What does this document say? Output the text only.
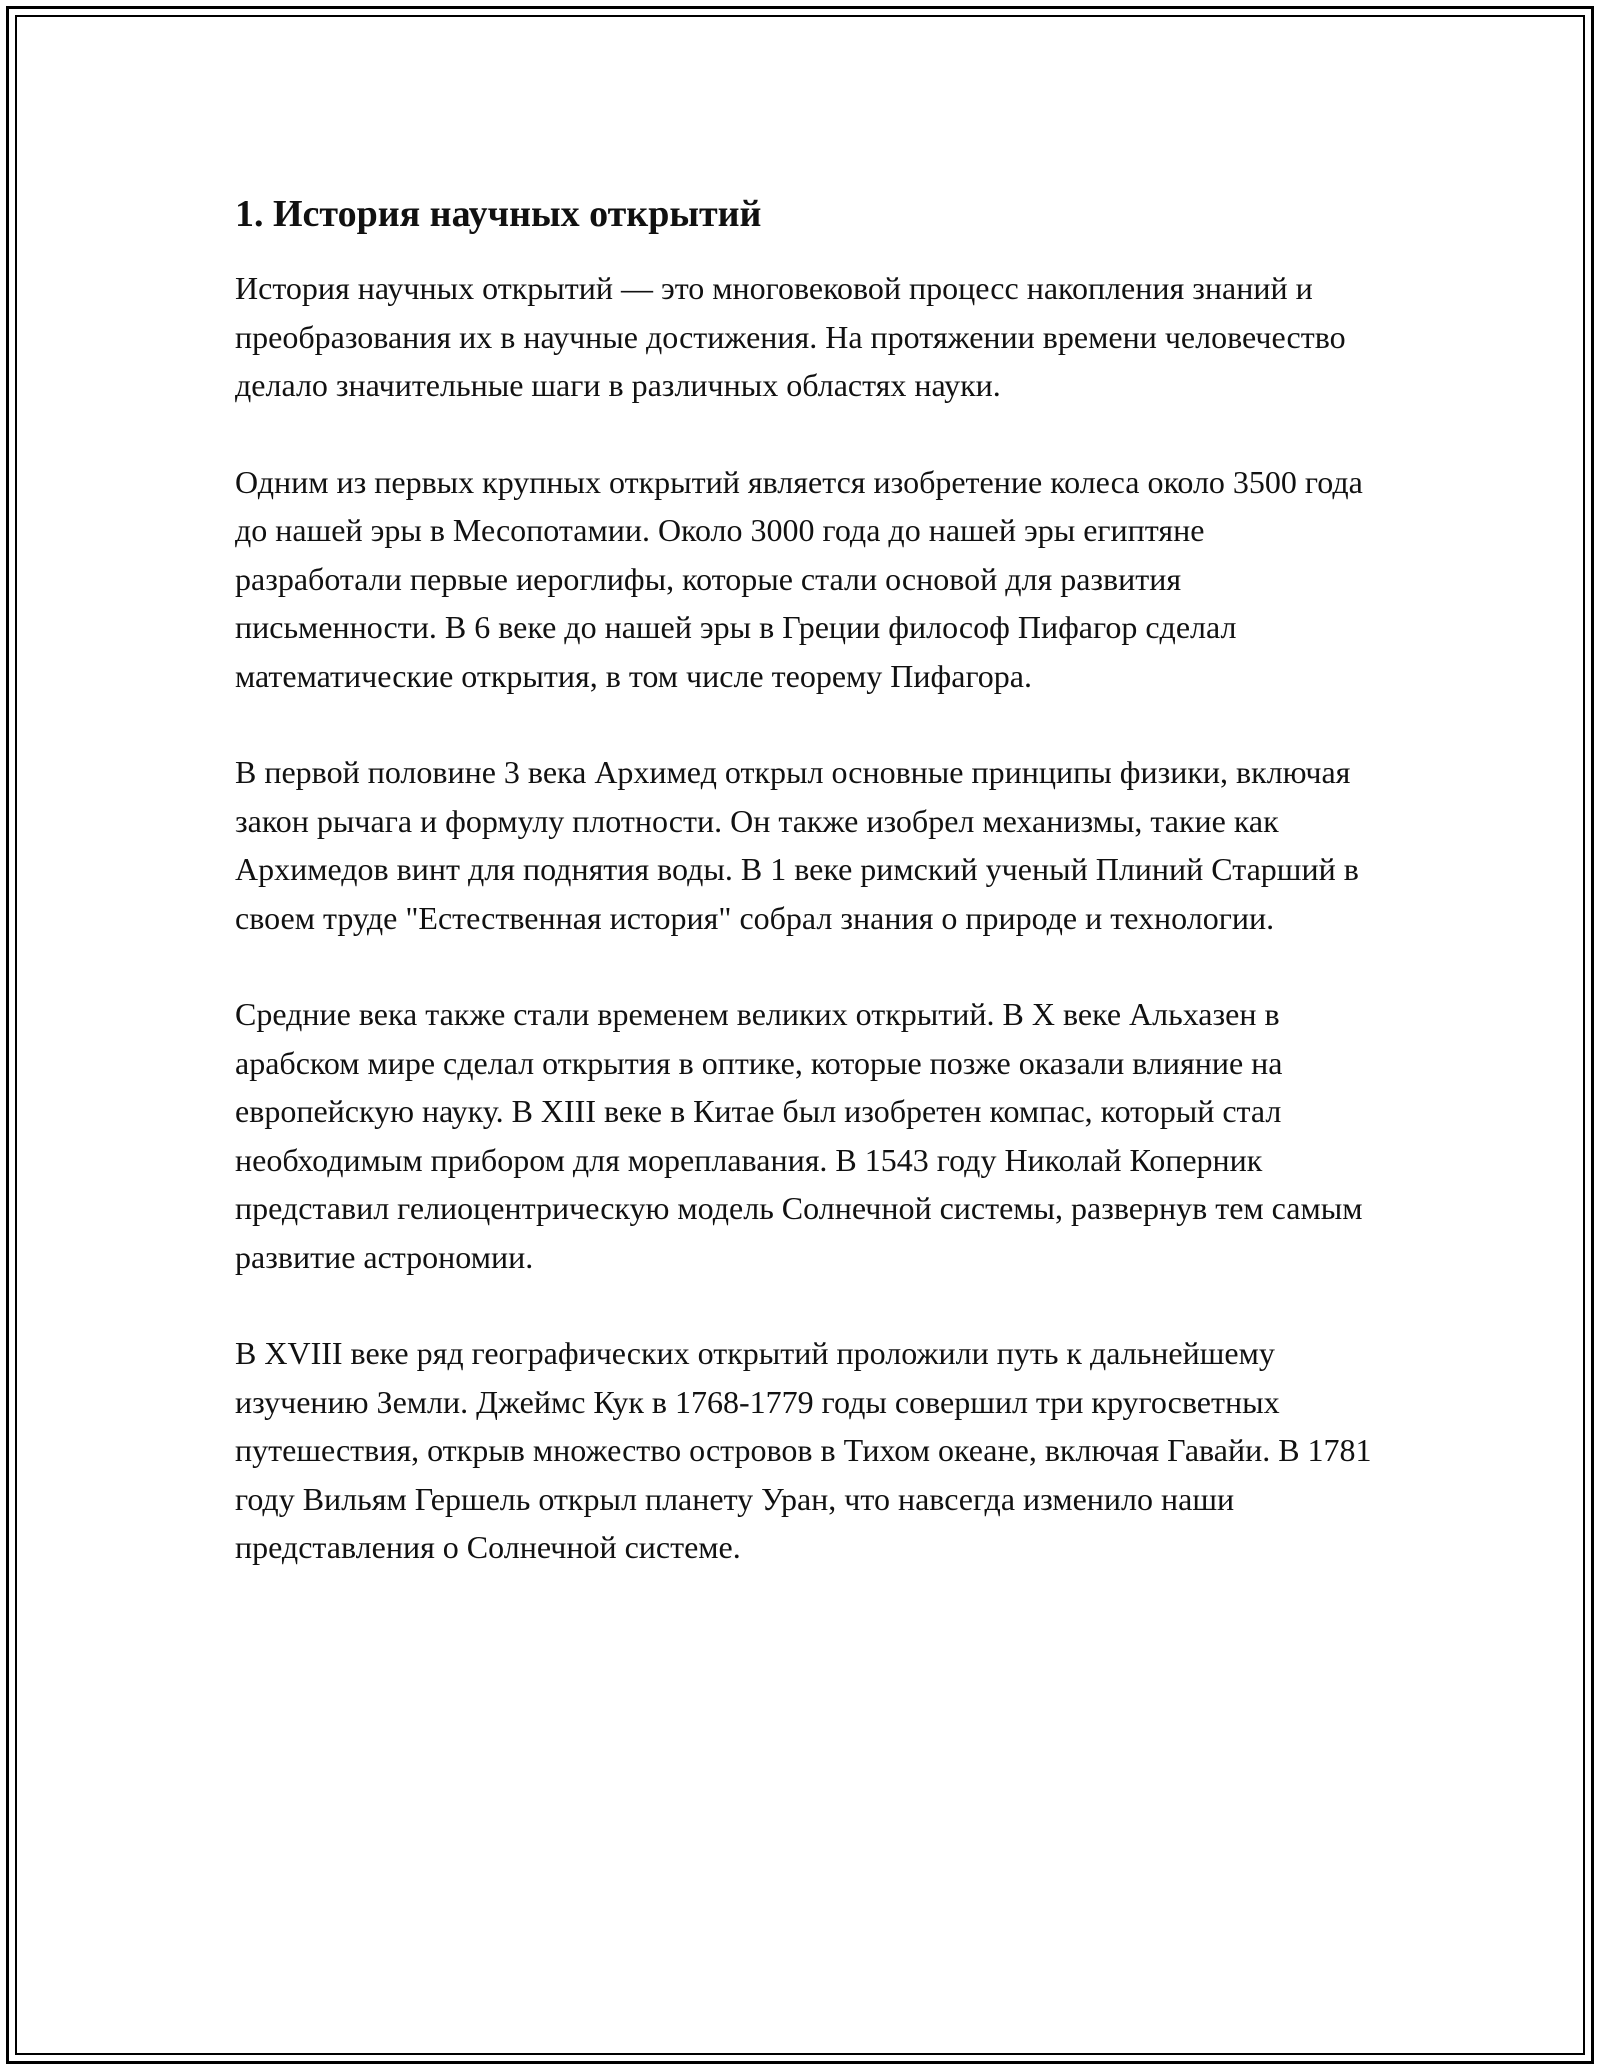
1. История научных открытий

История научных открытий — это многовековой процесс накопления знаний и преобразования их в научные достижения. На протяжении времени человечество делало значительные шаги в различных областях науки.

Одним из первых крупных открытий является изобретение колеса около 3500 года до нашей эры в Месопотамии. Около 3000 года до нашей эры египтяне разработали первые иероглифы, которые стали основой для развития письменности. В 6 веке до нашей эры в Греции философ Пифагор сделал математические открытия, в том числе теорему Пифагора.

В первой половине 3 века Архимед открыл основные принципы физики, включая закон рычага и формулу плотности. Он также изобрел механизмы, такие как Архимедов винт для поднятия воды. В 1 веке римский ученый Плиний Старший в своем труде "Естественная история" собрал знания о природе и технологии.

Средние века также стали временем великих открытий. В X веке Альхазен в арабском мире сделал открытия в оптике, которые позже оказали влияние на европейскую науку. В XIII веке в Китае был изобретен компас, который стал необходимым прибором для мореплавания. В 1543 году Николай Коперник представил гелиоцентрическую модель Солнечной системы, развернув тем самым развитие астрономии.

В XVIII веке ряд географических открытий проложили путь к дальнейшему изучению Земли. Джеймс Кук в 1768-1779 годы совершил три кругосветных путешествия, открыв множество островов в Тихом океане, включая Гавайи. В 1781 году Вильям Гершель открыл планету Уран, что навсегда изменило наши представления о Солнечной системе.
